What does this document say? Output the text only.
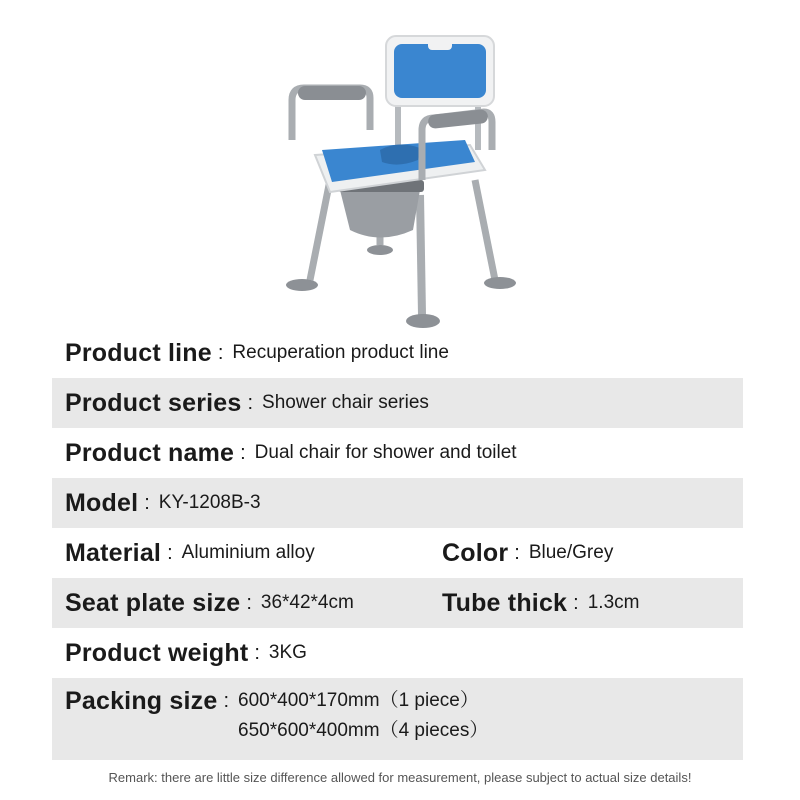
Product line : Recuperation product line
Product series : Shower chair series
Product name : Dual chair for shower and toilet
Model : KY-1208B-3
Material : Aluminium alloy	Color : Blue/Grey
Seat plate size : 36*42*4cm	Tube thick : 1.3cm
Product weight : 3KG
Packing size : 600*400*170mm（1 piece）
650*600*400mm（4 pieces）
Remark: there are little size difference allowed for measurement, please subject to actual size details!
